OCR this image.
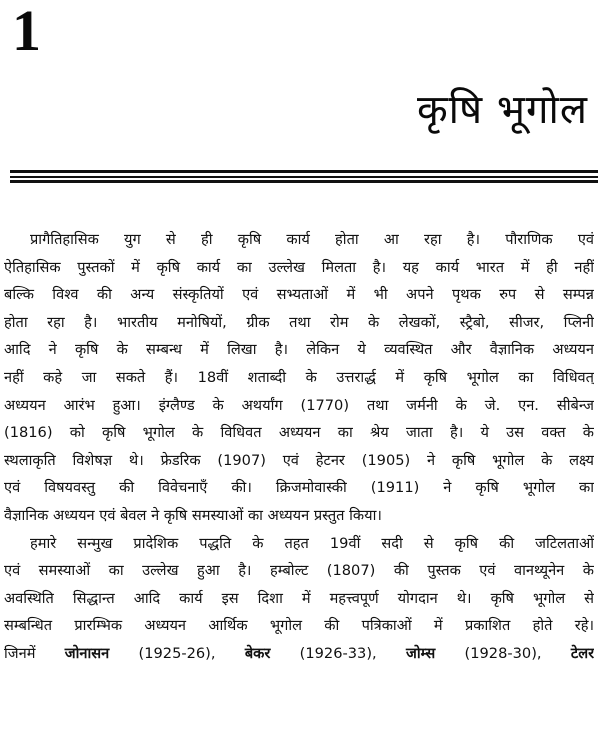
1
कृषि भूगोल
प्रागैतिहासिक युग से ही कृषि कार्य होता आ रहा है। पौराणिक एवं
ऐतिहासिक पुस्तकों में कृषि कार्य का उल्लेख मिलता है। यह कार्य भारत में ही नहीं
बल्कि विश्व की अन्य संस्कृतियों एवं सभ्यताओं में भी अपने पृथक रुप से सम्पन्न
होता रहा है। भारतीय मनोषियों, ग्रीक तथा रोम के लेखकों, स्ट्रैबो, सीजर, प्लिनी
आदि ने कृषि के सम्बन्ध में लिखा है। लेकिन ये व्यवस्थित और वैज्ञानिक अध्ययन
नहीं कहे जा सकते हैं। 18वीं शताब्दी के उत्तरार्द्ध में कृषि भूगोल का विधिवत्
अध्ययन आरंभ हुआ। इंग्लैण्ड के अथर्यांग (1770) तथा जर्मनी के जे. एन. सीबेन्ज
(1816) को कृषि भूगोल के विधिवत अध्ययन का श्रेय जाता है। ये उस वक्त के
स्थलाकृति विशेषज्ञ थे। फ्रेडरिक (1907) एवं हेटनर (1905) ने कृषि भूगोल के लक्ष्य
एवं विषयवस्तु की विवेचनाएँ की। क्रिजमोवास्की (1911) ने कृषि भूगोल का
वैज्ञानिक अध्ययन एवं बेवल ने कृषि समस्याओं का अध्ययन प्रस्तुत किया।
हमारे सन्मुख प्रादेशिक पद्धति के तहत 19वीं सदी से कृषि की जटिलताओं
एवं समस्याओं का उल्लेख हुआ है। हम्बोल्ट (1807) की पुस्तक एवं वानथ्यूनेन के
अवस्थिति सिद्धान्त आदि कार्य इस दिशा में महत्त्वपूर्ण योगदान थे। कृषि भूगोल से
सम्बन्धित प्रारम्भिक अध्ययन आर्थिक भूगोल की पत्रिकाओं में प्रकाशित होते रहे।
जिनमें जोनासन (1925-26), बेकर (1926-33), जोम्स (1928-30), टेलर
